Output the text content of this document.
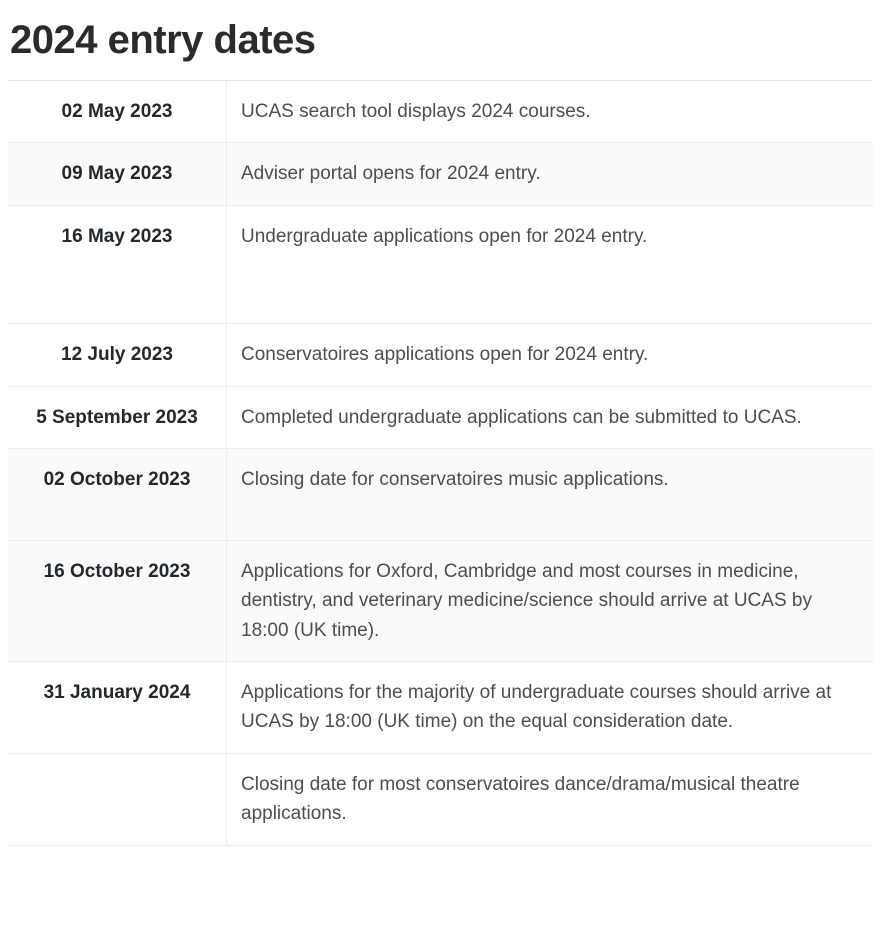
2024 entry dates
02 May 2023	UCAS search tool displays 2024 courses.
09 May 2023	Adviser portal opens for 2024 entry.
16 May 2023	Undergraduate applications open for 2024 entry.
12 July 2023	Conservatoires applications open for 2024 entry.
5 September 2023	Completed undergraduate applications can be submitted to UCAS.
02 October 2023	Closing date for conservatoires music applications.
16 October 2023	Applications for Oxford, Cambridge and most courses in medicine, dentistry, and veterinary medicine/science should arrive at UCAS by 18:00 (UK time).
31 January 2024	Applications for the majority of undergraduate courses should arrive at UCAS by 18:00 (UK time) on the equal consideration date.
	Closing date for most conservatoires dance/drama/musical theatre applications.
